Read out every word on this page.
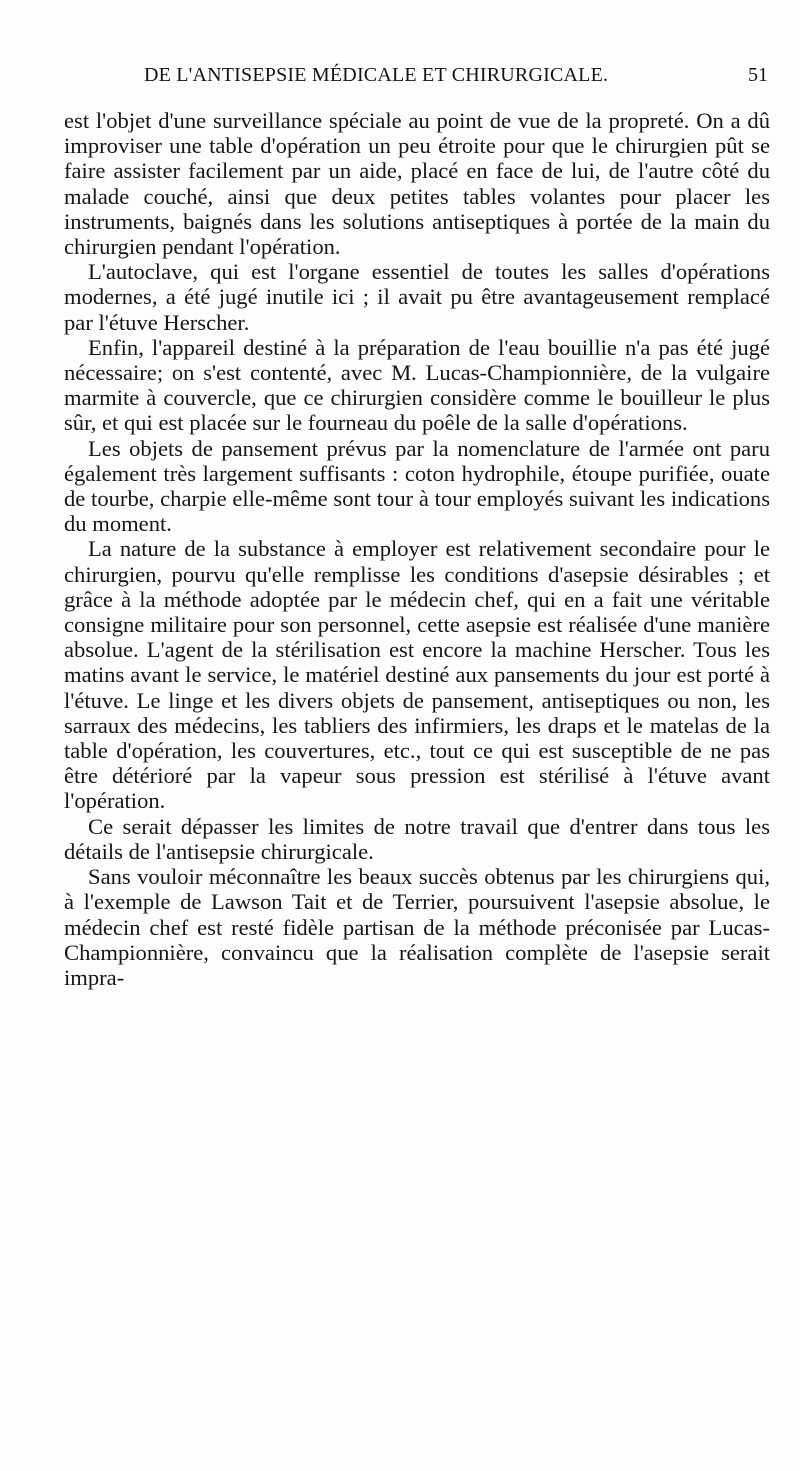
DE L'ANTISEPSIE MÉDICALE ET CHIRURGICALE.	51

est l'objet d'une surveillance spéciale au point de vue de la propreté. On a dû improviser une table d'opération un peu étroite pour que le chirurgien pût se faire assister facilement par un aide, placé en face de lui, de l'autre côté du malade couché, ainsi que deux petites tables volantes pour placer les instruments, baignés dans les solutions antiseptiques à portée de la main du chirurgien pendant l'opération.

L'autoclave, qui est l'organe essentiel de toutes les salles d'opérations modernes, a été jugé inutile ici ; il avait pu être avantageusement remplacé par l'étuve Herscher.

Enfin, l'appareil destiné à la préparation de l'eau bouillie n'a pas été jugé nécessaire; on s'est contenté, avec M. Lucas-Championnière, de la vulgaire marmite à couvercle, que ce chirurgien considère comme le bouilleur le plus sûr, et qui est placée sur le fourneau du poêle de la salle d'opérations.

Les objets de pansement prévus par la nomenclature de l'armée ont paru également très largement suffisants : coton hydrophile, étoupe purifiée, ouate de tourbe, charpie elle-même sont tour à tour employés suivant les indications du moment.

La nature de la substance à employer est relativement secondaire pour le chirurgien, pourvu qu'elle remplisse les conditions d'asepsie désirables ; et grâce à la méthode adoptée par le médecin chef, qui en a fait une véritable consigne militaire pour son personnel, cette asepsie est réalisée d'une manière absolue. L'agent de la stérilisation est encore la machine Herscher. Tous les matins avant le service, le matériel destiné aux pansements du jour est porté à l'étuve. Le linge et les divers objets de pansement, antiseptiques ou non, les sarraux des médecins, les tabliers des infirmiers, les draps et le matelas de la table d'opération, les couvertures, etc., tout ce qui est susceptible de ne pas être détérioré par la vapeur sous pression est stérilisé à l'étuve avant l'opération.

Ce serait dépasser les limites de notre travail que d'entrer dans tous les détails de l'antisepsie chirurgicale.

Sans vouloir méconnaître les beaux succès obtenus par les chirurgiens qui, à l'exemple de Lawson Tait et de Terrier, poursuivent l'asepsie absolue, le médecin chef est resté fidèle partisan de la méthode préconisée par Lucas-Championnière, convaincu que la réalisation complète de l'asepsie serait impra-
